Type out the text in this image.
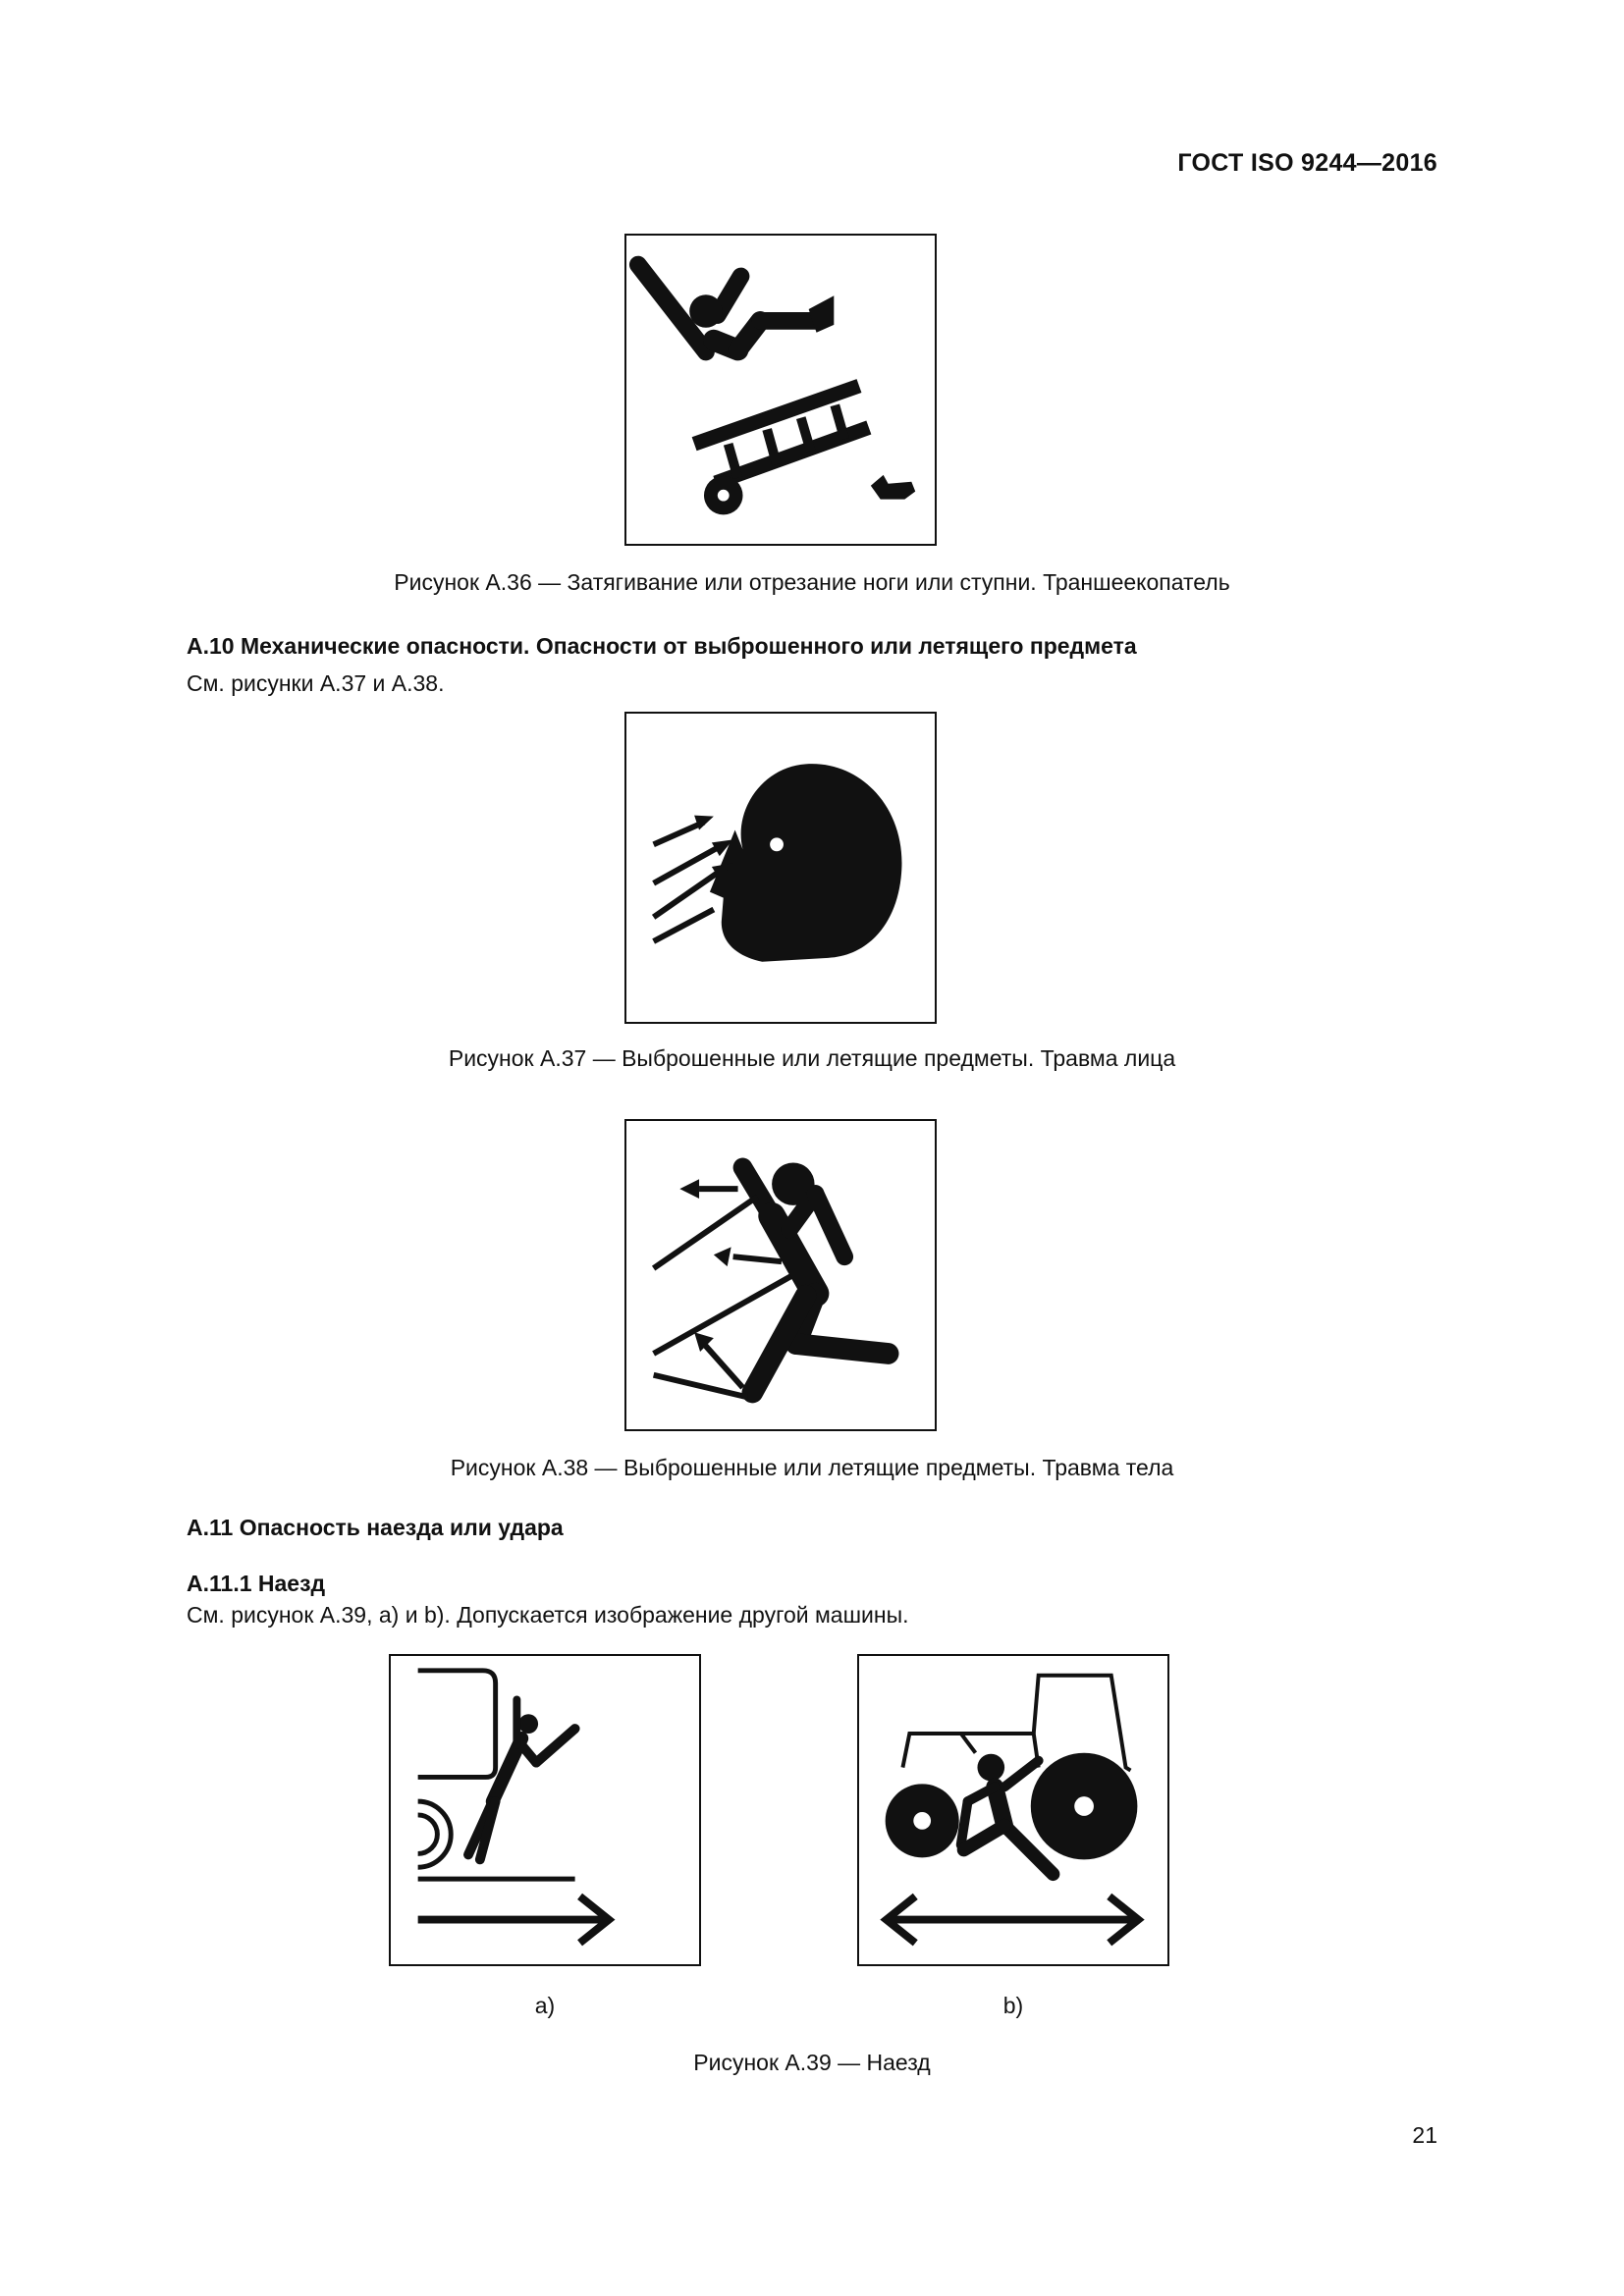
ГОСТ ISO 9244—2016
Рисунок А.36 — Затягивание или отрезание ноги или ступни. Траншеекопатель
А.10 Механические опасности. Опасности от выброшенного или летящего предмета
См. рисунки А.37 и А.38.
Рисунок А.37 — Выброшенные или летящие предметы. Травма лица
Рисунок А.38 — Выброшенные или летящие предметы. Травма тела
А.11 Опасность наезда или удара
А.11.1 Наезд
См. рисунок А.39, а) и b). Допускается изображение другой машины.
a)	b)
Рисунок А.39 — Наезд
21
